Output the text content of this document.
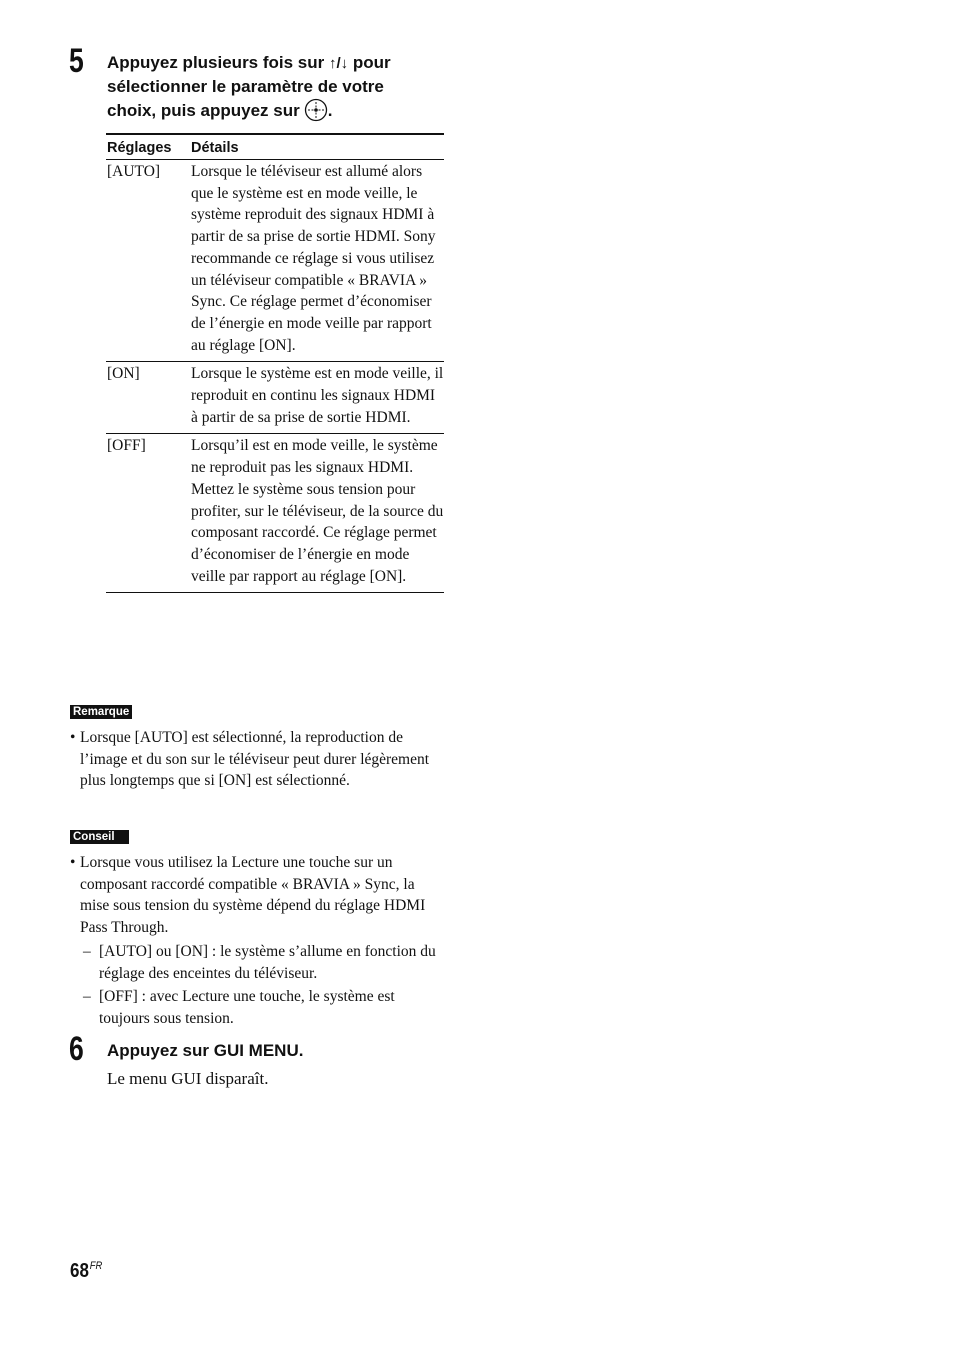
5 Appuyez plusieurs fois sur ↑/↓ pour
sélectionner le paramètre de votre
choix, puis appuyez sur .
Réglages	Détails
[AUTO]	Lorsque le téléviseur est allumé alors que le système est en mode veille, le système reproduit des signaux HDMI à partir de sa prise de sortie HDMI. Sony recommande ce réglage si vous utilisez un téléviseur compatible « BRAVIA » Sync. Ce réglage permet d’économiser de l’énergie en mode veille par rapport au réglage [ON].
[ON]	Lorsque le système est en mode veille, il reproduit en continu les signaux HDMI à partir de sa prise de sortie HDMI.
[OFF]	Lorsqu’il est en mode veille, le système ne reproduit pas les signaux HDMI. Mettez le système sous tension pour profiter, sur le téléviseur, de la source du composant raccordé. Ce réglage permet d’économiser de l’énergie en mode veille par rapport au réglage [ON].
Remarque
• Lorsque [AUTO] est sélectionné, la reproduction de l’image et du son sur le téléviseur peut durer légèrement plus longtemps que si [ON] est sélectionné.
Conseil
• Lorsque vous utilisez la Lecture une touche sur un composant raccordé compatible « BRAVIA » Sync, la mise sous tension du système dépend du réglage HDMI Pass Through.
– [AUTO] ou [ON] : le système s’allume en fonction du réglage des enceintes du téléviseur.
– [OFF] : avec Lecture une touche, le système est toujours sous tension.
6 Appuyez sur GUI MENU.
Le menu GUI disparaît.
$68^{FR}$
